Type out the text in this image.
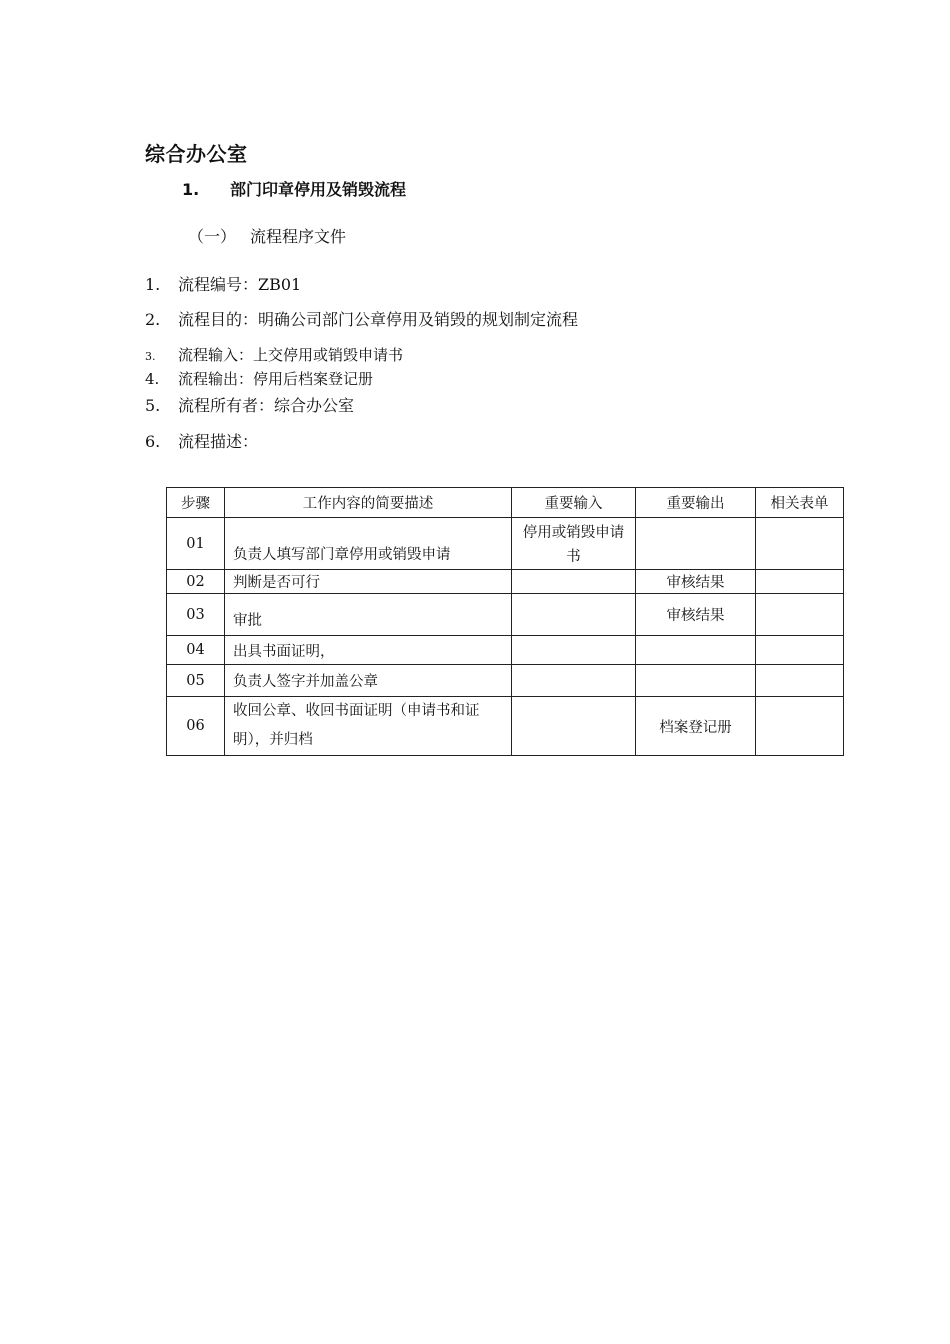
综合办公室
1. 部门印章停用及销毁流程
（一） 流程程序文件
1. 流程编号：ZB01
2. 流程目的：明确公司部门公章停用及销毁的规划制定流程
3. 流程输入：上交停用或销毁申请书
4. 流程输出：停用后档案登记册
5. 流程所有者：综合办公室
6. 流程描述：
步骤	工作内容的简要描述	重要输入	重要输出	相关表单
01	负责人填写部门章停用或销毁申请	停用或销毁申请书		
02	判断是否可行		审核结果	
03	审批		审核结果	
04	出具书面证明，			
05	负责人签字并加盖公章			
06	收回公章、收回书面证明（申请书和证明），并归档		档案登记册	
